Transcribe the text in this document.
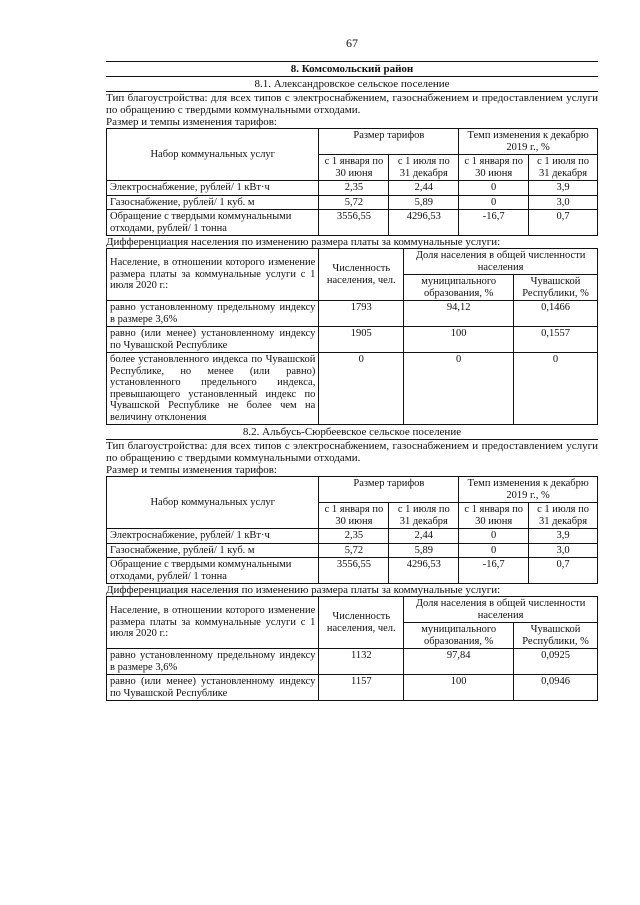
67
8. Комсомольский район
8.1. Александровское сельское поселение
Тип благоустройства: для всех типов с электроснабжением, газоснабжением и предоставлением услуги по обращению с твердыми коммунальными отходами.
Размер и темпы изменения тарифов:
Набор коммунальных услуг	Размер тарифов		Темп изменения к декабрю 2019 г., %	
	с 1 января по 30 июня	с 1 июля по 31 декабря	с 1 января по 30 июня	с 1 июля по 31 декабря
Электроснабжение, рублей/ 1 кВт·ч	2,35	2,44	0	3,9
Газоснабжение, рублей/ 1 куб. м	5,72	5,89	0	3,0
Обращение с твердыми коммунальными отходами, рублей/ 1 тонна	3556,55	4296,53	-16,7	0,7
Дифференциация населения по изменению размера платы за коммунальные услуги:
Население, в отношении которого изменение размера платы за коммунальные услуги с 1 июля 2020 г.:	Численность населения, чел.	Доля населения в общей численности населения	
		муниципального образования, %	Чувашской Республики, %
равно установленному предельному индексу в размере 3,6%	1793	94,12	0,1466
равно (или менее) установленному индексу по Чувашской Республике	1905	100	0,1557
более установленного индекса по Чувашской Республике, но менее (или равно) установленного предельного индекса, превышающего установленный индекс по Чувашской Республике не более чем на величину отклонения	0	0	0
8.2. Альбусь-Сюрбеевское сельское поселение
Тип благоустройства: для всех типов с электроснабжением, газоснабжением и предоставлением услуги по обращению с твердыми коммунальными отходами.
Размер и темпы изменения тарифов:
Набор коммунальных услуг	Размер тарифов		Темп изменения к декабрю 2019 г., %	
	с 1 января по 30 июня	с 1 июля по 31 декабря	с 1 января по 30 июня	с 1 июля по 31 декабря
Электроснабжение, рублей/ 1 кВт·ч	2,35	2,44	0	3,9
Газоснабжение, рублей/ 1 куб. м	5,72	5,89	0	3,0
Обращение с твердыми коммунальными отходами, рублей/ 1 тонна	3556,55	4296,53	-16,7	0,7
Дифференциация населения по изменению размера платы за коммунальные услуги:
Население, в отношении которого изменение размера платы за коммунальные услуги с 1 июля 2020 г.:	Численность населения, чел.	Доля населения в общей численности населения	
		муниципального образования, %	Чувашской Республики, %
равно установленному предельному индексу в размере 3,6%	1132	97,84	0,0925
равно (или менее) установленному индексу по Чувашской Республике	1157	100	0,0946
